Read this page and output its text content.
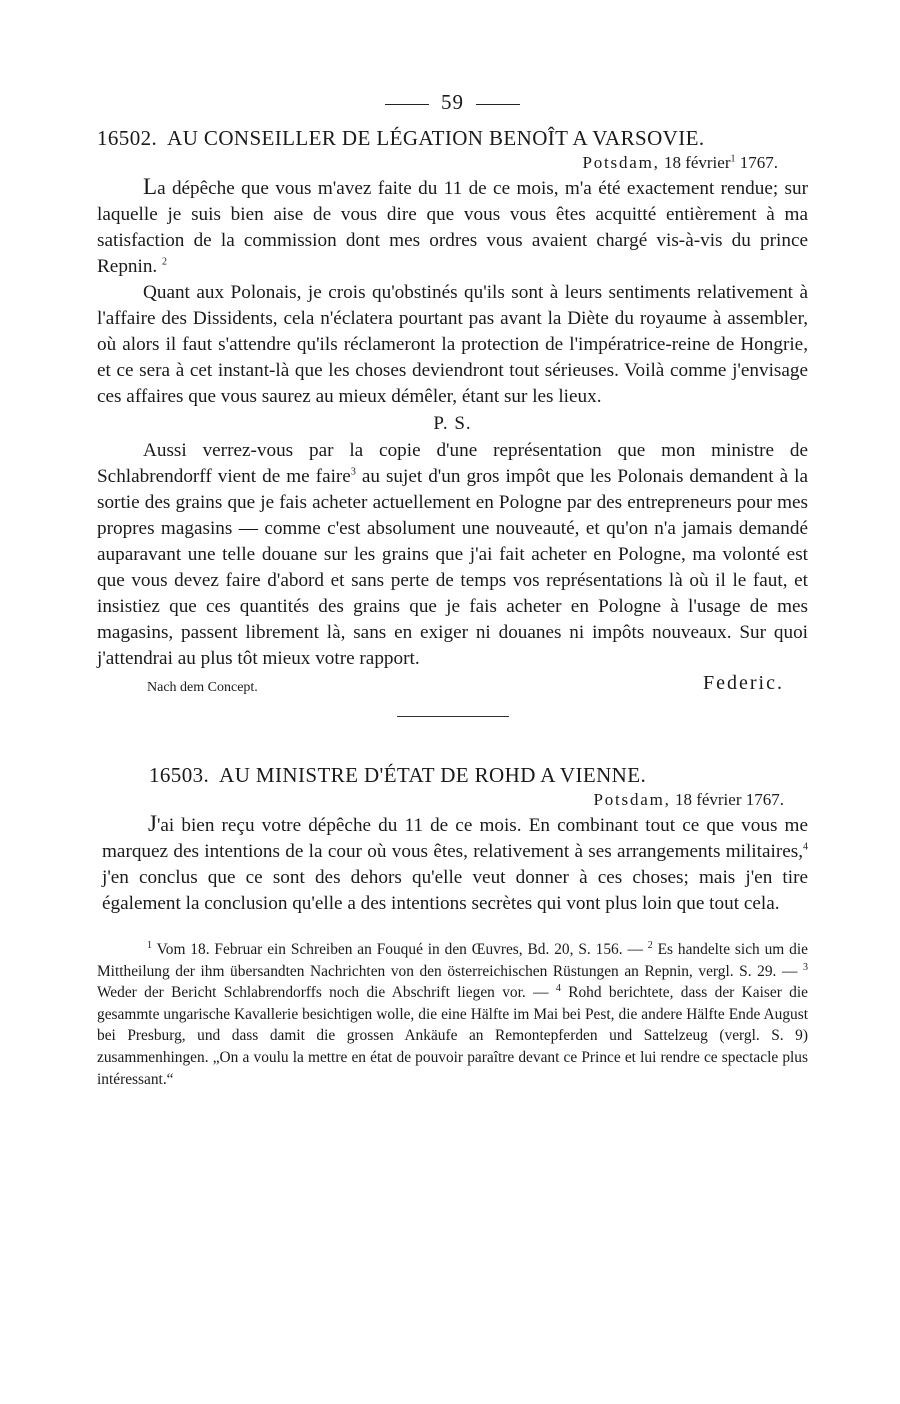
59
16502. AU CONSEILLER DE LÉGATION BENOÎT A VARSOVIE.
Potsdam, 18 février$^1$ 1767.

La dépêche que vous m'avez faite du 11 de ce mois, m'a été exactement rendue; sur laquelle je suis bien aise de vous dire que vous vous êtes acquitté entièrement à ma satisfaction de la commission dont mes ordres vous avaient chargé vis-à-vis du prince Repnin. $^2$

Quant aux Polonais, je crois qu'obstinés qu'ils sont à leurs sentiments relativement à l'affaire des Dissidents, cela n'éclatera pourtant pas avant la Diète du royaume à assembler, où alors il faut s'attendre qu'ils réclameront la protection de l'impératrice-reine de Hongrie, et ce sera à cet instant-là que les choses deviendront tout sérieuses. Voilà comme j'envisage ces affaires que vous saurez au mieux démêler, étant sur les lieux.

P. S.

Aussi verrez-vous par la copie d'une représentation que mon ministre de Schlabrendorff vient de me faire$^3$ au sujet d'un gros impôt que les Polonais demandent à la sortie des grains que je fais acheter actuellement en Pologne par des entrepreneurs pour mes propres magasins — comme c'est absolument une nouveauté, et qu'on n'a jamais demandé auparavant une telle douane sur les grains que j'ai fait acheter en Pologne, ma volonté est que vous devez faire d'abord et sans perte de temps vos représentations là où il le faut, et insistiez que ces quantités des grains que je fais acheter en Pologne à l'usage de mes magasins, passent librement là, sans en exiger ni douanes ni impôts nouveaux. Sur quoi j'attendrai au plus tôt mieux votre rapport.

Nach dem Concept.	Federic.
16503. AU MINISTRE D'ÉTAT DE ROHD A VIENNE.
Potsdam, 18 février 1767.

J'ai bien reçu votre dépêche du 11 de ce mois. En combinant tout ce que vous me marquez des intentions de la cour où vous êtes, relativement à ses arrangements militaires,$^4$ j'en conclus que ce sont des dehors qu'elle veut donner à ces choses; mais j'en tire également la conclusion qu'elle a des intentions secrètes qui vont plus loin que tout cela.

$^1$ Vom 18. Februar ein Schreiben an Fouqué in den Œuvres, Bd. 20, S. 156. — $^2$ Es handelte sich um die Mittheilung der ihm übersandten Nachrichten von den österreichischen Rüstungen an Repnin, vergl. S. 29. — $^3$ Weder der Bericht Schlabrendorffs noch die Abschrift liegen vor. — $^4$ Rohd berichtete, dass der Kaiser die gesammte ungarische Kavallerie besichtigen wolle, die eine Hälfte im Mai bei Pest, die andere Hälfte Ende August bei Presburg, und dass damit die grossen Ankäufe an Remontepferden und Sattelzeug (vergl. S. 9) zusammenhingen. „On a voulu la mettre en état de pouvoir paraître devant ce Prince et lui rendre ce spectacle plus intéressant.“
